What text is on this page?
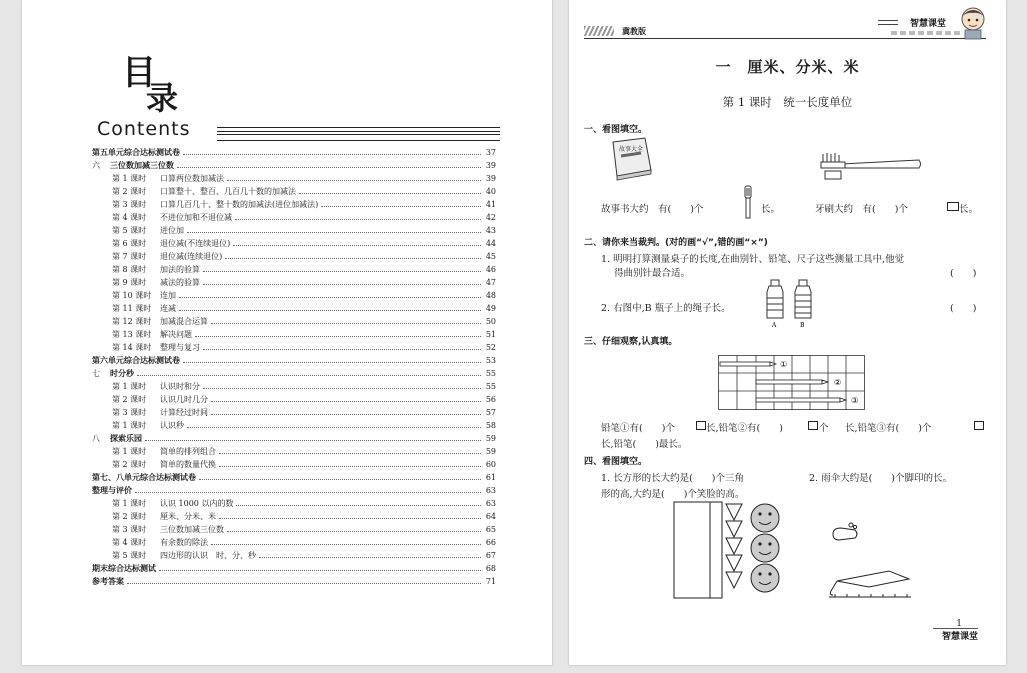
目
录
Contents
第五单元综合达标测试卷	37
六	三位数加减三位数	39
第 1 课时	口算两位数加减法	39
第 2 课时	口算整十、整百、几百几十数的加减法	40
第 3 课时	口算几百几十、整十数的加减法(进位加减法)	41
第 4 课时	不进位加和不退位减	42
第 5 课时	进位加	43
第 6 课时	退位减(不连续退位)	44
第 7 课时	退位减(连续退位)	45
第 8 课时	加法的验算	46
第 9 课时	减法的验算	47
第 10 课时	连加	48
第 11 课时	连减	49
第 12 课时	加减混合运算	50
第 13 课时	解决问题	51
第 14 课时	整理与复习	52
第六单元综合达标测试卷	53
七	时分秒	55
第 1 课时	认识时和分	55
第 2 课时	认识几时几分	56
第 3 课时	计算经过时间	57
第 1 课时	认识秒	58
八	探索乐园	59
第 1 课时	简单的排列组合	59
第 2 课时	简单的数量代换	60
第七、八单元综合达标测试卷	61
整理与评价	63
第 1 课时	认识 1000 以内的数	63
第 2 课时	厘米、分米、米	64
第 3 课时	三位数加减三位数	65
第 4 课时	有余数的除法	66
第 5 课时	四边形的认识　时、分、秒	67
期末综合达标测试	68
参考答案	71
冀教版
智慧课堂
一　厘米、分米、米
第 1 课时　统一长度单位
一、看图填空。
故事大全
故事书大约　有(　　)个	长。	牙刷大约　有(　　)个	长。
二、请你来当裁判。(对的画“√”,错的画“×”)
1. 明明打算测量桌子的长度,在曲别针、铅笔、尺子这些测量工具中,他觉
得曲别针最合适。	(　　)
2. 右图中,B 瓶子上的绳子长。
A	B
(　　)
三、仔细观察,认真填。
①
②
③
铅笔①有(　　)个	长,铅笔②有(　　)	个 长,铅笔③有(　　)个
长,铅笔(　　)最长。
四、看图填空。
1. 长方形的长大约是(　　)个三角
形的高,大约是(　　)个笑脸的高。
2. 雨伞大约是(　　)个脚印的长。
1
智慧课堂
